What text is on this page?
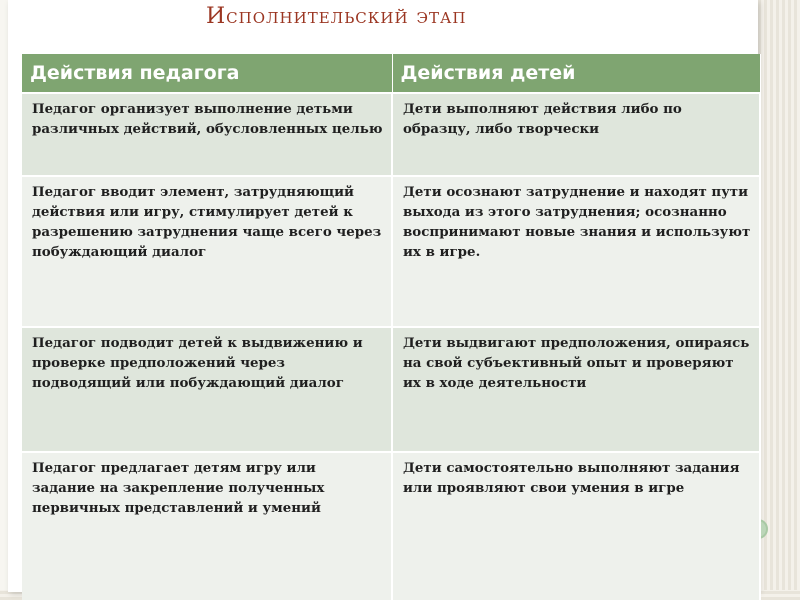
Исполнительский этап
Действия педагога	Действия детей
Педагог организует выполнение детьми различных действий, обусловленных целью	Дети выполняют действия либо по образцу, либо творчески
Педагог вводит элемент, затрудняющий действия или игру, стимулирует детей к разрешению затруднения чаще всего через побуждающий диалог	Дети осознают затруднение и находят пути выхода из этого затруднения; осознанно воспринимают новые знания и используют их в игре.
Педагог подводит детей к выдвижению и проверке предположений через подводящий или побуждающий диалог	Дети выдвигают предположения, опираясь на свой субъективный опыт и проверяют их в ходе деятельности
Педагог предлагает детям игру или задание на закрепление полученных первичных представлений и умений	Дети самостоятельно выполняют задания или проявляют свои умения в игре
